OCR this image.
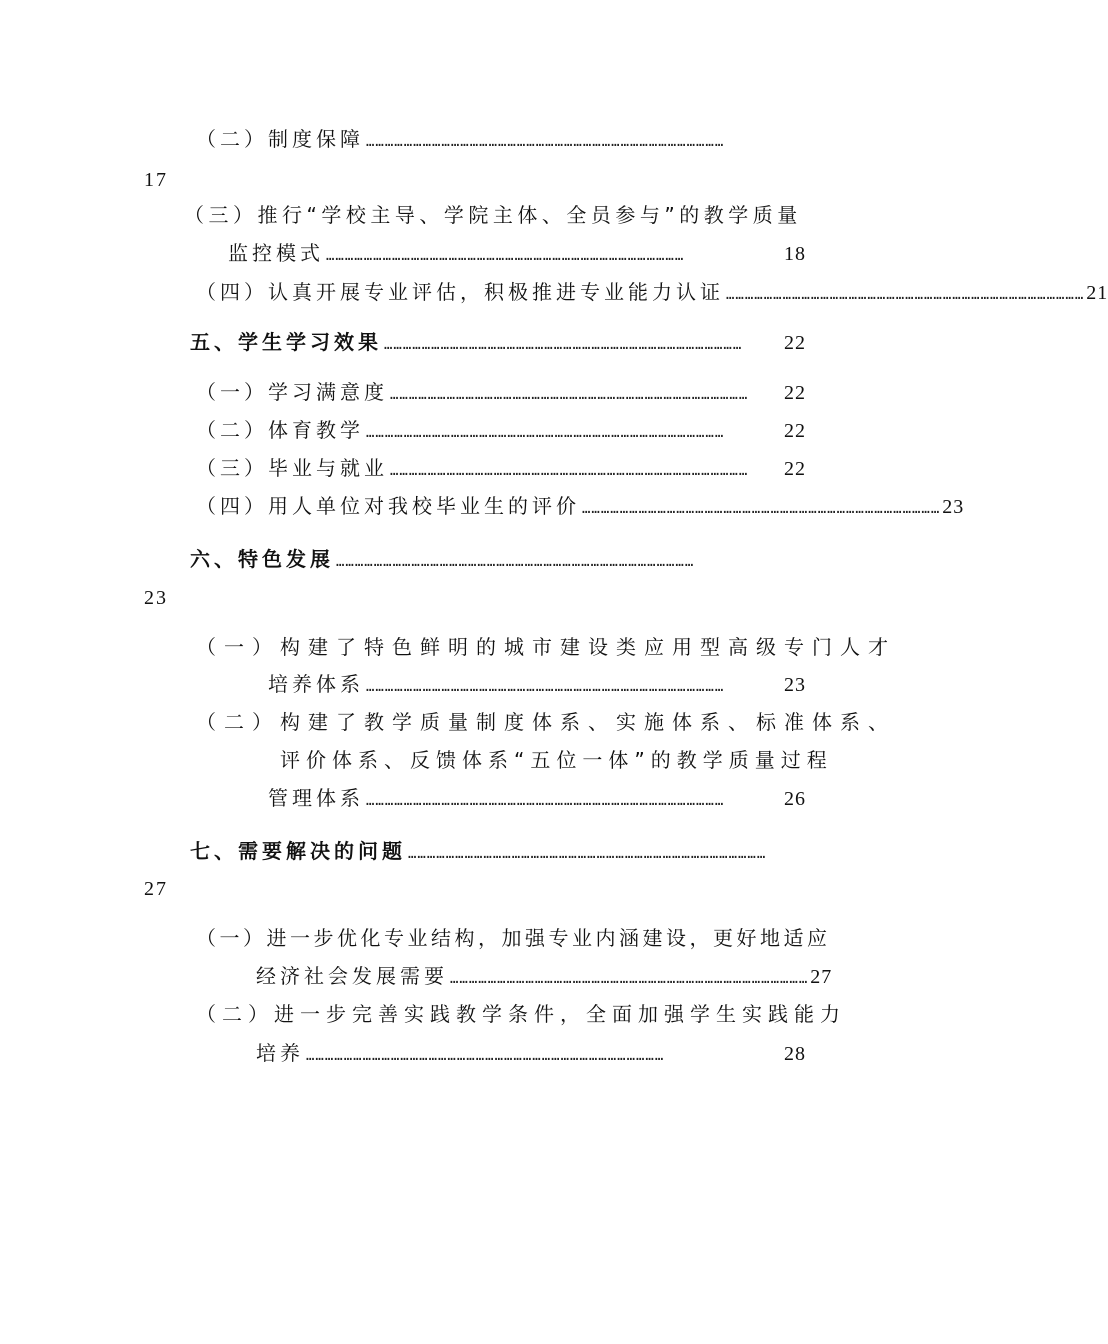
（二）制度保障 ……………………………………………………………………………………………………
17
（三）推行“学校主导、学院主体、全员参与”的教学质量
监控模式 ……………………………………………………………………………………………………	18
（四）认真开展专业评估，积极推进专业能力认证 …………………………………………………………………………………………………… 21
五、学生学习效果 ……………………………………………………………………………………………………	22
（一）学习满意度 ……………………………………………………………………………………………………	22
（二）体育教学 ……………………………………………………………………………………………………	22
（三）毕业与就业 ……………………………………………………………………………………………………	22
（四）用人单位对我校毕业生的评价 …………………………………………………………………………………………………… 23
六、特色发展 ……………………………………………………………………………………………………
23
（一）构建了特色鲜明的城市建设类应用型高级专门人才
培养体系 ……………………………………………………………………………………………………	23
（二）构建了教学质量制度体系、实施体系、标准体系、
评价体系、反馈体系“五位一体”的教学质量过程
管理体系 ……………………………………………………………………………………………………	26
七、需要解决的问题 ……………………………………………………………………………………………………
27
（一）进一步优化专业结构，加强专业内涵建设，更好地适应
经济社会发展需要 …………………………………………………………………………………………………… 27
（二）进一步完善实践教学条件，全面加强学生实践能力
培养 ……………………………………………………………………………………………………	28
